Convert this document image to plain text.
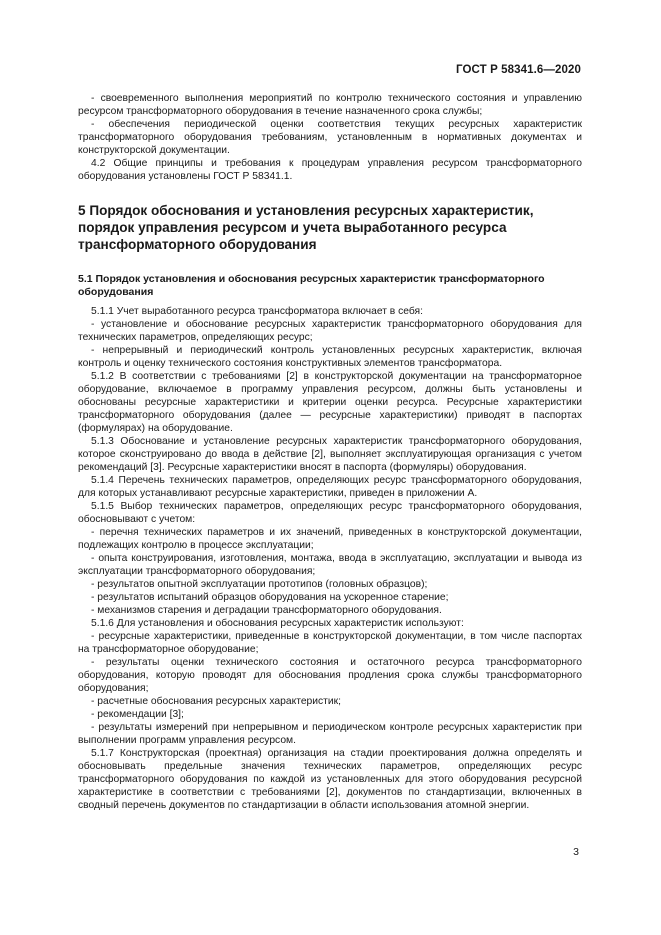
ГОСТ Р 58341.6—2020

- своевременного выполнения мероприятий по контролю технического состояния и управлению ресурсом трансформаторного оборудования в течение назначенного срока службы;

- обеспечения периодической оценки соответствия текущих ресурсных характеристик трансформаторного оборудования требованиям, установленным в нормативных документах и конструкторской документации.

4.2 Общие принципы и требования к процедурам управления ресурсом трансформаторного оборудования установлены ГОСТ Р 58341.1.

5 Порядок обоснования и установления ресурсных характеристик, порядок управления ресурсом и учета выработанного ресурса трансформаторного оборудования
5.1 Порядок установления и обоснования ресурсных характеристик трансформаторного оборудования

5.1.1 Учет выработанного ресурса трансформатора включает в себя:

- установление и обоснование ресурсных характеристик трансформаторного оборудования для технических параметров, определяющих ресурс;

- непрерывный и периодический контроль установленных ресурсных характеристик, включая контроль и оценку технического состояния конструктивных элементов трансформатора.

5.1.2 В соответствии с требованиями [2] в конструкторской документации на трансформаторное оборудование, включаемое в программу управления ресурсом, должны быть установлены и обоснованы ресурсные характеристики и критерии оценки ресурса. Ресурсные характеристики трансформаторного оборудования (далее — ресурсные характеристики) приводят в паспортах (формулярах) на оборудование.

5.1.3 Обоснование и установление ресурсных характеристик трансформаторного оборудования, которое сконструировано до ввода в действие [2], выполняет эксплуатирующая организация с учетом рекомендаций [3]. Ресурсные характеристики вносят в паспорта (формуляры) оборудования.

5.1.4 Перечень технических параметров, определяющих ресурс трансформаторного оборудования, для которых устанавливают ресурсные характеристики, приведен в приложении А.

5.1.5 Выбор технических параметров, определяющих ресурс трансформаторного оборудования, обосновывают с учетом:

- перечня технических параметров и их значений, приведенных в конструкторской документации, подлежащих контролю в процессе эксплуатации;

- опыта конструирования, изготовления, монтажа, ввода в эксплуатацию, эксплуатации и вывода из эксплуатации трансформаторного оборудования;

- результатов опытной эксплуатации прототипов (головных образцов);

- результатов испытаний образцов оборудования на ускоренное старение;

- механизмов старения и деградации трансформаторного оборудования.

5.1.6 Для установления и обоснования ресурсных характеристик используют:

- ресурсные характеристики, приведенные в конструкторской документации, в том числе паспортах на трансформаторное оборудование;

- результаты оценки технического состояния и остаточного ресурса трансформаторного оборудования, которую проводят для обоснования продления срока службы трансформаторного оборудования;

- расчетные обоснования ресурсных характеристик;

- рекомендации [3];

- результаты измерений при непрерывном и периодическом контроле ресурсных характеристик при выполнении программ управления ресурсом.

5.1.7 Конструкторская (проектная) организация на стадии проектирования должна определять и обосновывать предельные значения технических параметров, определяющих ресурс трансформаторного оборудования по каждой из установленных для этого оборудования ресурсной характеристике в соответствии с требованиями [2], документов по стандартизации, включенных в сводный перечень документов по стандартизации в области использования атомной энергии.

3
